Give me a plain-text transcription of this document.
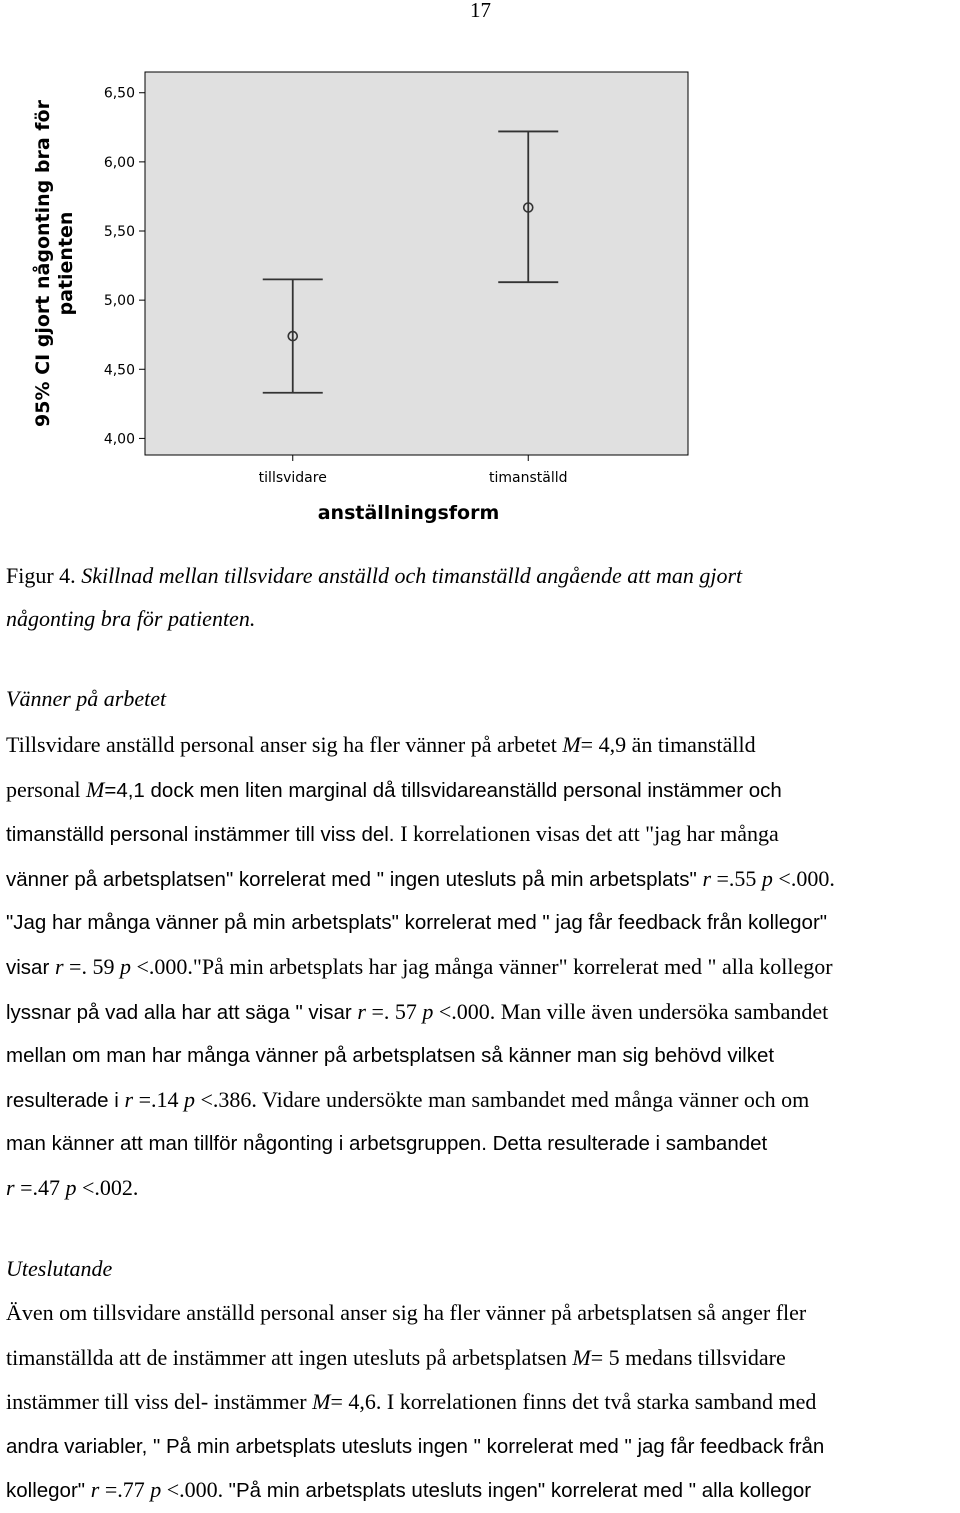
17
95% CI gjort någonting bra för patienten
4,00
4,50
5,00
5,50
6,00
6,50
tillsvidare	timanställd
anställningsform
Figur 4. Skillnad mellan tillsvidare anställd och timanställd angående att man gjort
någonting bra för patienten.
Vänner på arbetet
Tillsvidare anställd personal anser sig ha fler vänner på arbetet M= 4,9 än timanställd
personal M=4,1 dock men liten marginal då tillsvidareanställd personal instämmer och
timanställd personal instämmer till viss del. I korrelationen visas det att "jag har många
vänner på arbetsplatsen" korrelerat med " ingen utesluts på min arbetsplats" r =.55 p <.000.
"Jag har många vänner på min arbetsplats" korrelerat med " jag får feedback från kollegor"
visar r =. 59 p <.000."På min arbetsplats har jag många vänner" korrelerat med " alla kollegor
lyssnar på vad alla har att säga " visar r =. 57 p <.000. Man ville även undersöka sambandet
mellan om man har många vänner på arbetsplatsen så känner man sig behövd vilket
resulterade i r =.14 p <.386. Vidare undersökte man sambandet med många vänner och om
man känner att man tillför någonting i arbetsgruppen. Detta resulterade i sambandet
r =.47 p <.002.
Uteslutande
Även om tillsvidare anställd personal anser sig ha fler vänner på arbetsplatsen så anger fler
timanställda att de instämmer att ingen utesluts på arbetsplatsen M= 5 medans tillsvidare
instämmer till viss del- instämmer M= 4,6. I korrelationen finns det två starka samband med
andra variabler, " På min arbetsplats utesluts ingen " korrelerat med " jag får feedback från
kollegor" r =.77 p <.000. "På min arbetsplats utesluts ingen" korrelerat med " alla kollegor
